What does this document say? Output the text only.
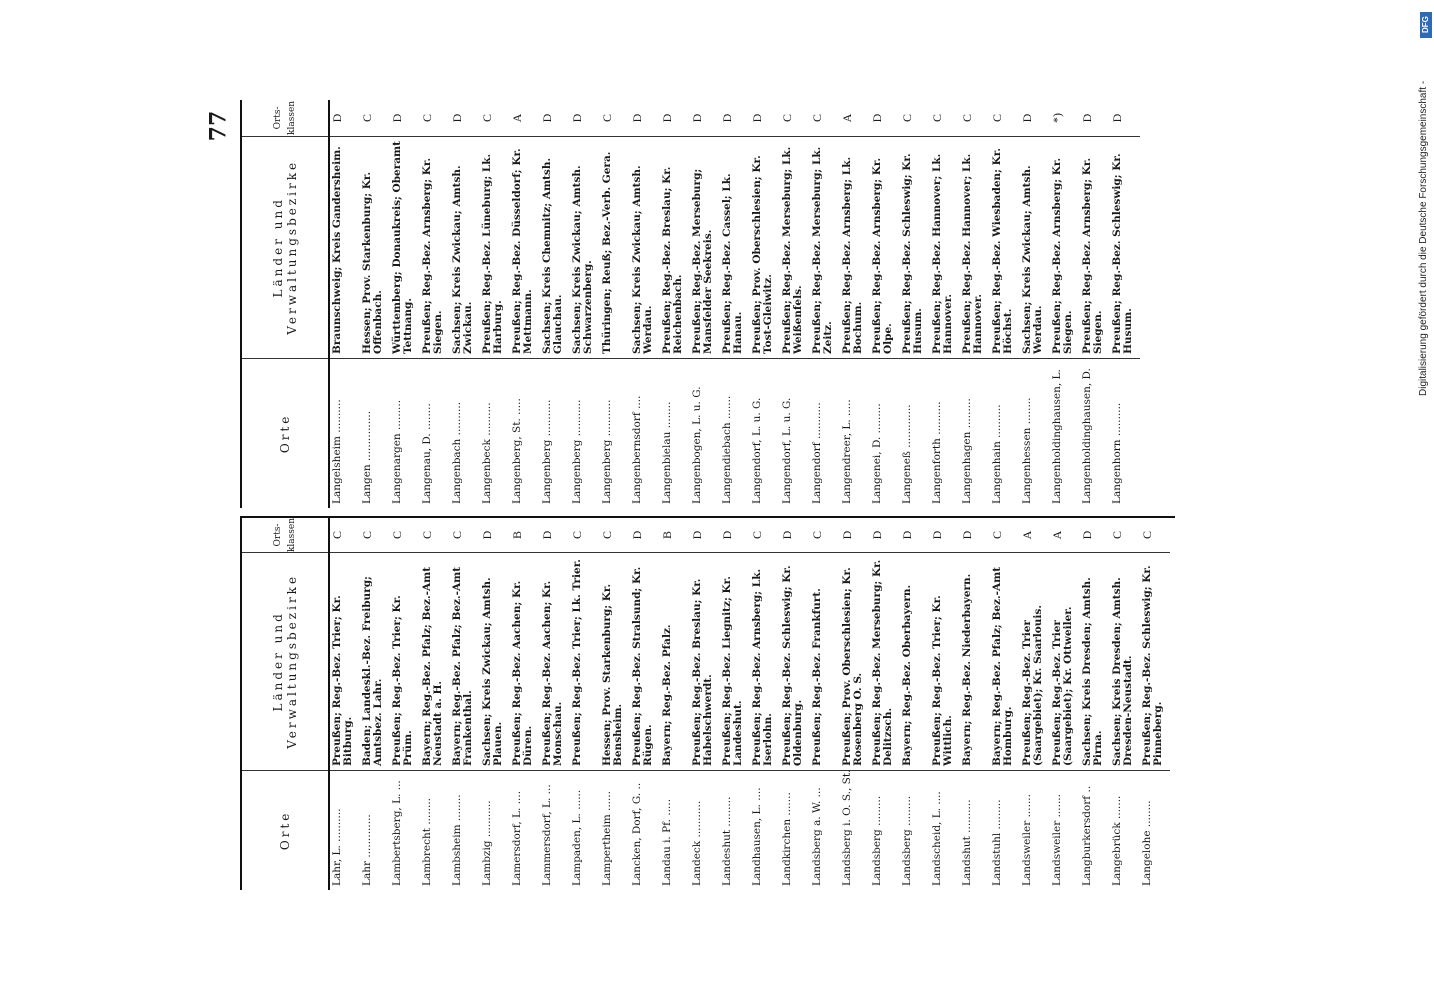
77
Orte
Länder und Verwaltungsbezirke
Orts- klassen
Lahr, L. ..........
Preußen; Reg.-Bez. Trier; Kr. Bitburg.
C
Lahr .............
Baden; Landeskl.-Bez. Freiburg; Amtsbez. Lahr.
C
Lambertsberg, L. ...
Preußen; Reg.-Bez. Trier; Kr. Prüm.
C
Lambrecht ........
Bayern; Reg.-Bez. Pfalz; Bez.-Amt Neustadt a. H.
C
Lambsheim ........
Bayern; Reg.-Bez. Pfalz; Bez.-Amt Frankenthal.
C
Lambzig ...........
Sachsen; Kreis Zwickau; Amtsh. Plauen.
D
Lamersdorf, L. ....
Preußen; Reg.-Bez. Aachen; Kr. Düren.
B
Lammersdorf, L. ...
Preußen; Reg.-Bez. Aachen; Kr. Monschau.
D
Lampaden, L. ......
Preußen; Reg.-Bez. Trier; Lk. Trier.
C
Lampertheim ......
Hessen; Prov. Starkenburg; Kr. Bensheim.
C
Lancken, Dorf, G. ..
Preußen; Reg.-Bez. Stralsund; Kr. Rügen.
D
Landau i. Pf. .....
Bayern; Reg.-Bez. Pfalz.
B
Landeck ...........
Preußen; Reg.-Bez. Breslau; Kr. Habelschwerdt.
D
Landeshut .........
Preußen; Reg.-Bez. Liegnitz; Kr. Landeshut.
D
Landhausen, L. ....
Preußen; Reg.-Bez. Arnsberg; Lk. Iserlohn.
C
Landkirchen .......
Preußen; Reg.-Bez. Schleswig; Kr. Oldenburg.
D
Landsberg a. W. ...
Preußen; Reg.-Bez. Frankfurt.
C
Landsberg i. O. S., St.
Preußen; Prov. Oberschlesien; Kr. Rosenberg O. S.
D
Landsberg .........
Preußen; Reg.-Bez. Merseburg; Kr. Delitzsch.
D
Landsberg .........
Bayern; Reg.-Bez. Oberbayern.
D
Landscheid, L. ....
Preußen; Reg.-Bez. Trier; Kr. Wittlich.
D
Landshut ..........
Bayern; Reg.-Bez. Niederbayern.
D
Landstuhl .........
Bayern; Reg.-Bez. Pfalz; Bez.-Amt Homburg.
C
Landsweiler .......
Preußen; Reg.-Bez. Trier (Saargebiet); Kr. Saarlouis.
A
Landsweiler .......
Preußen; Reg.-Bez. Trier (Saargebiet); Kr. Ottweiler.
A
Langburkersdorf ..
Sachsen; Kreis Dresden; Amtsh. Pirna.
D
Langebrück .......
Sachsen; Kreis Dresden; Amtsh. Dresden-Neustadt.
C
Langelohe ........
Preußen; Reg.-Bez. Schleswig; Kr. Pinneberg.
C
Orte
Länder und Verwaltungsbezirke
Orts- klassen
Langelsheim ..........
Braunschweig; Kreis Gandersheim.
D
Langen ...............
Hessen; Prov. Starkenburg; Kr. Offenbach.
C
Langenargen .........
Württemberg; Donaukreis; Oberamt Tettnang.
D
Langenau, D. ........
Preußen; Reg.-Bez. Arnsberg; Kr. Siegen.
C
Langenbach ..........
Sachsen; Kreis Zwickau; Amtsh. Zwickau.
D
Langenbeck ..........
Preußen; Reg.-Bez. Lüneburg; Lk. Harburg.
C
Langenberg, St. .....
Preußen; Reg.-Bez. Düsseldorf; Kr. Mettmann.
A
Langenberg ...........
Sachsen; Kreis Chemnitz; Amtsh. Glauchau.
D
Langenberg ...........
Sachsen; Kreis Zwickau; Amtsh. Schwarzenberg.
D
Langenberg ...........
Thüringen; Reuß; Bez.-Verb. Gera.
C
Langenbernsdorf ....
Sachsen; Kreis Zwickau; Amtsh. Werdau.
D
Langenbielau ........
Preußen; Reg.-Bez. Breslau; Kr. Reichenbach.
D
Langenbogen, L. u. G.
Preußen; Reg.-Bez. Merseburg; Mansfelder Seekreis.
D
Langendiebach .......
Preußen; Reg.-Bez. Cassel; Lk. Hanau.
D
Langendorf, L. u. G.
Preußen; Prov. Oberschlesien; Kr. Tost-Gleiwitz.
D
Langendorf, L. u. G.
Preußen; Reg.-Bez. Merseburg; Lk. Weißenfels.
C
Langendorf ...........
Preußen; Reg.-Bez. Merseburg; Lk. Zeitz.
C
Langendreer, L. .....
Preußen; Reg.-Bez. Arnsberg; Lk. Bochum.
A
Langenei, D. .........
Preußen; Reg.-Bez. Arnsberg; Kr. Olpe.
D
Langeneß .............
Preußen; Reg.-Bez. Schleswig; Kr. Husum.
C
Langenforth ..........
Preußen; Reg.-Bez. Hannover; Lk. Hannover.
C
Langenhagen .........
Preußen; Reg.-Bez. Hannover; Lk. Hannover.
C
Langenhain ..........
Preußen; Reg.-Bez. Wiesbaden; Kr. Höchst.
C
Langenhessen ........
Sachsen; Kreis Zwickau; Amtsh. Werdau.
D
Langenholdinghausen, L.
Preußen; Reg.-Bez. Arnsberg; Kr. Siegen.
*)
Langenholdinghausen, D.
Preußen; Reg.-Bez. Arnsberg; Kr. Siegen.
D
Langenhorn ..........
Preußen; Reg.-Bez. Schleswig; Kr. Husum.
D
DFG
Digitalisierung gefördert durch die Deutsche Forschungsgemeinschaft -
